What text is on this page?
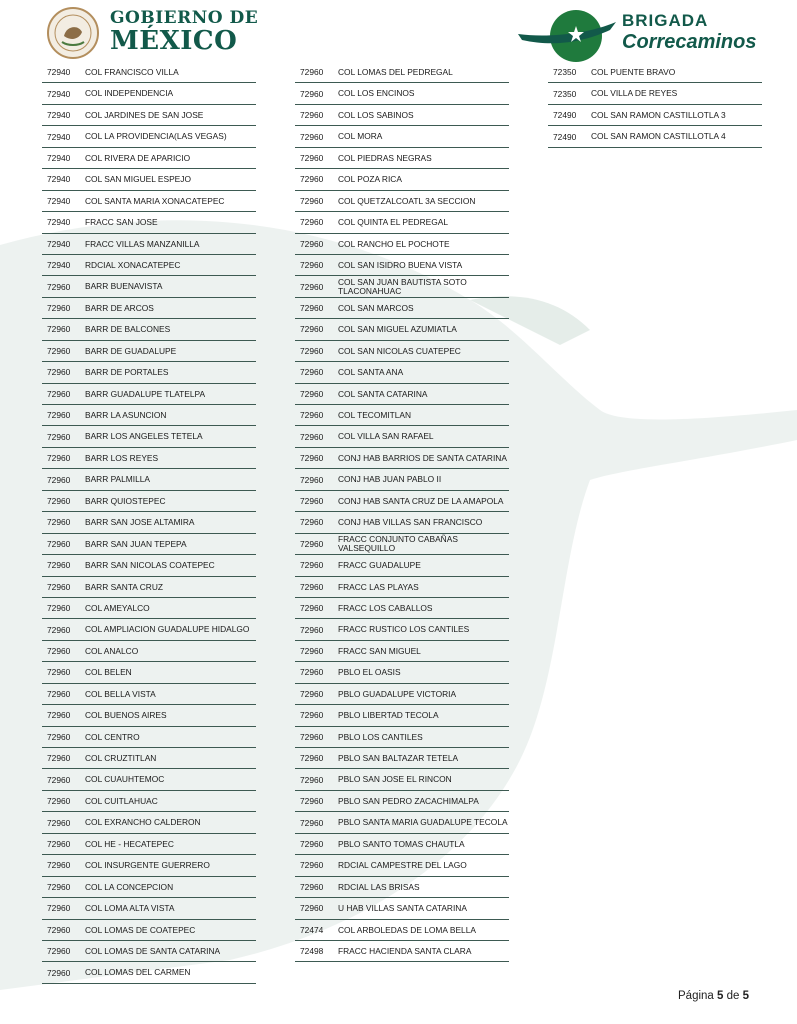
GOBIERNO DE
MÉXICO
BRIGADA
Correcaminos
72940	COL FRANCISCO VILLA
72940	COL INDEPENDENCIA
72940	COL JARDINES DE SAN JOSE
72940	COL LA PROVIDENCIA(LAS VEGAS)
72940	COL RIVERA DE APARICIO
72940	COL SAN MIGUEL ESPEJO
72940	COL SANTA MARIA XONACATEPEC
72940	FRACC SAN JOSE
72940	FRACC VILLAS MANZANILLA
72940	RDCIAL XONACATEPEC
72960	BARR BUENAVISTA
72960	BARR DE ARCOS
72960	BARR DE BALCONES
72960	BARR DE GUADALUPE
72960	BARR DE PORTALES
72960	BARR GUADALUPE TLATELPA
72960	BARR LA ASUNCION
72960	BARR LOS ANGELES TETELA
72960	BARR LOS REYES
72960	BARR PALMILLA
72960	BARR QUIOSTEPEC
72960	BARR SAN JOSE ALTAMIRA
72960	BARR SAN JUAN TEPEPA
72960	BARR SAN NICOLAS COATEPEC
72960	BARR SANTA CRUZ
72960	COL AMEYALCO
72960	COL AMPLIACION GUADALUPE HIDALGO
72960	COL ANALCO
72960	COL BELEN
72960	COL BELLA VISTA
72960	COL BUENOS AIRES
72960	COL CENTRO
72960	COL CRUZTITLAN
72960	COL CUAUHTEMOC
72960	COL CUITLAHUAC
72960	COL EXRANCHO CALDERON
72960	COL HE - HECATEPEC
72960	COL INSURGENTE GUERRERO
72960	COL LA CONCEPCION
72960	COL LOMA ALTA VISTA
72960	COL LOMAS DE COATEPEC
72960	COL LOMAS DE SANTA CATARINA
72960	COL LOMAS DEL CARMEN
72960	COL LOMAS DEL PEDREGAL
72960	COL LOS ENCINOS
72960	COL LOS SABINOS
72960	COL MORA
72960	COL PIEDRAS NEGRAS
72960	COL POZA RICA
72960	COL QUETZALCOATL 3A SECCION
72960	COL QUINTA EL PEDREGAL
72960	COL RANCHO EL POCHOTE
72960	COL SAN ISIDRO BUENA VISTA
72960	COL SAN JUAN BAUTISTA SOTO TLACONAHUAC
72960	COL SAN MARCOS
72960	COL SAN MIGUEL AZUMIATLA
72960	COL SAN NICOLAS CUATEPEC
72960	COL SANTA ANA
72960	COL SANTA CATARINA
72960	COL TECOMITLAN
72960	COL VILLA SAN RAFAEL
72960	CONJ HAB BARRIOS DE SANTA CATARINA
72960	CONJ HAB JUAN PABLO II
72960	CONJ HAB SANTA CRUZ DE LA AMAPOLA
72960	CONJ HAB VILLAS SAN FRANCISCO
72960	FRACC CONJUNTO CABAÑAS VALSEQUILLO
72960	FRACC GUADALUPE
72960	FRACC LAS PLAYAS
72960	FRACC LOS CABALLOS
72960	FRACC RUSTICO LOS CANTILES
72960	FRACC SAN MIGUEL
72960	PBLO EL OASIS
72960	PBLO GUADALUPE VICTORIA
72960	PBLO LIBERTAD TECOLA
72960	PBLO LOS CANTILES
72960	PBLO SAN BALTAZAR TETELA
72960	PBLO SAN JOSE EL RINCON
72960	PBLO SAN PEDRO ZACACHIMALPA
72960	PBLO SANTA MARIA GUADALUPE TECOLA
72960	PBLO SANTO TOMAS CHAUTLA
72960	RDCIAL CAMPESTRE DEL LAGO
72960	RDCIAL LAS BRISAS
72960	U HAB VILLAS SANTA CATARINA
72474	COL ARBOLEDAS DE LOMA BELLA
72498	FRACC HACIENDA SANTA CLARA
72350	COL PUENTE BRAVO
72350	COL VILLA DE REYES
72490	COL SAN RAMON CASTILLOTLA 3
72490	COL SAN RAMON CASTILLOTLA 4
Página 5 de 5
